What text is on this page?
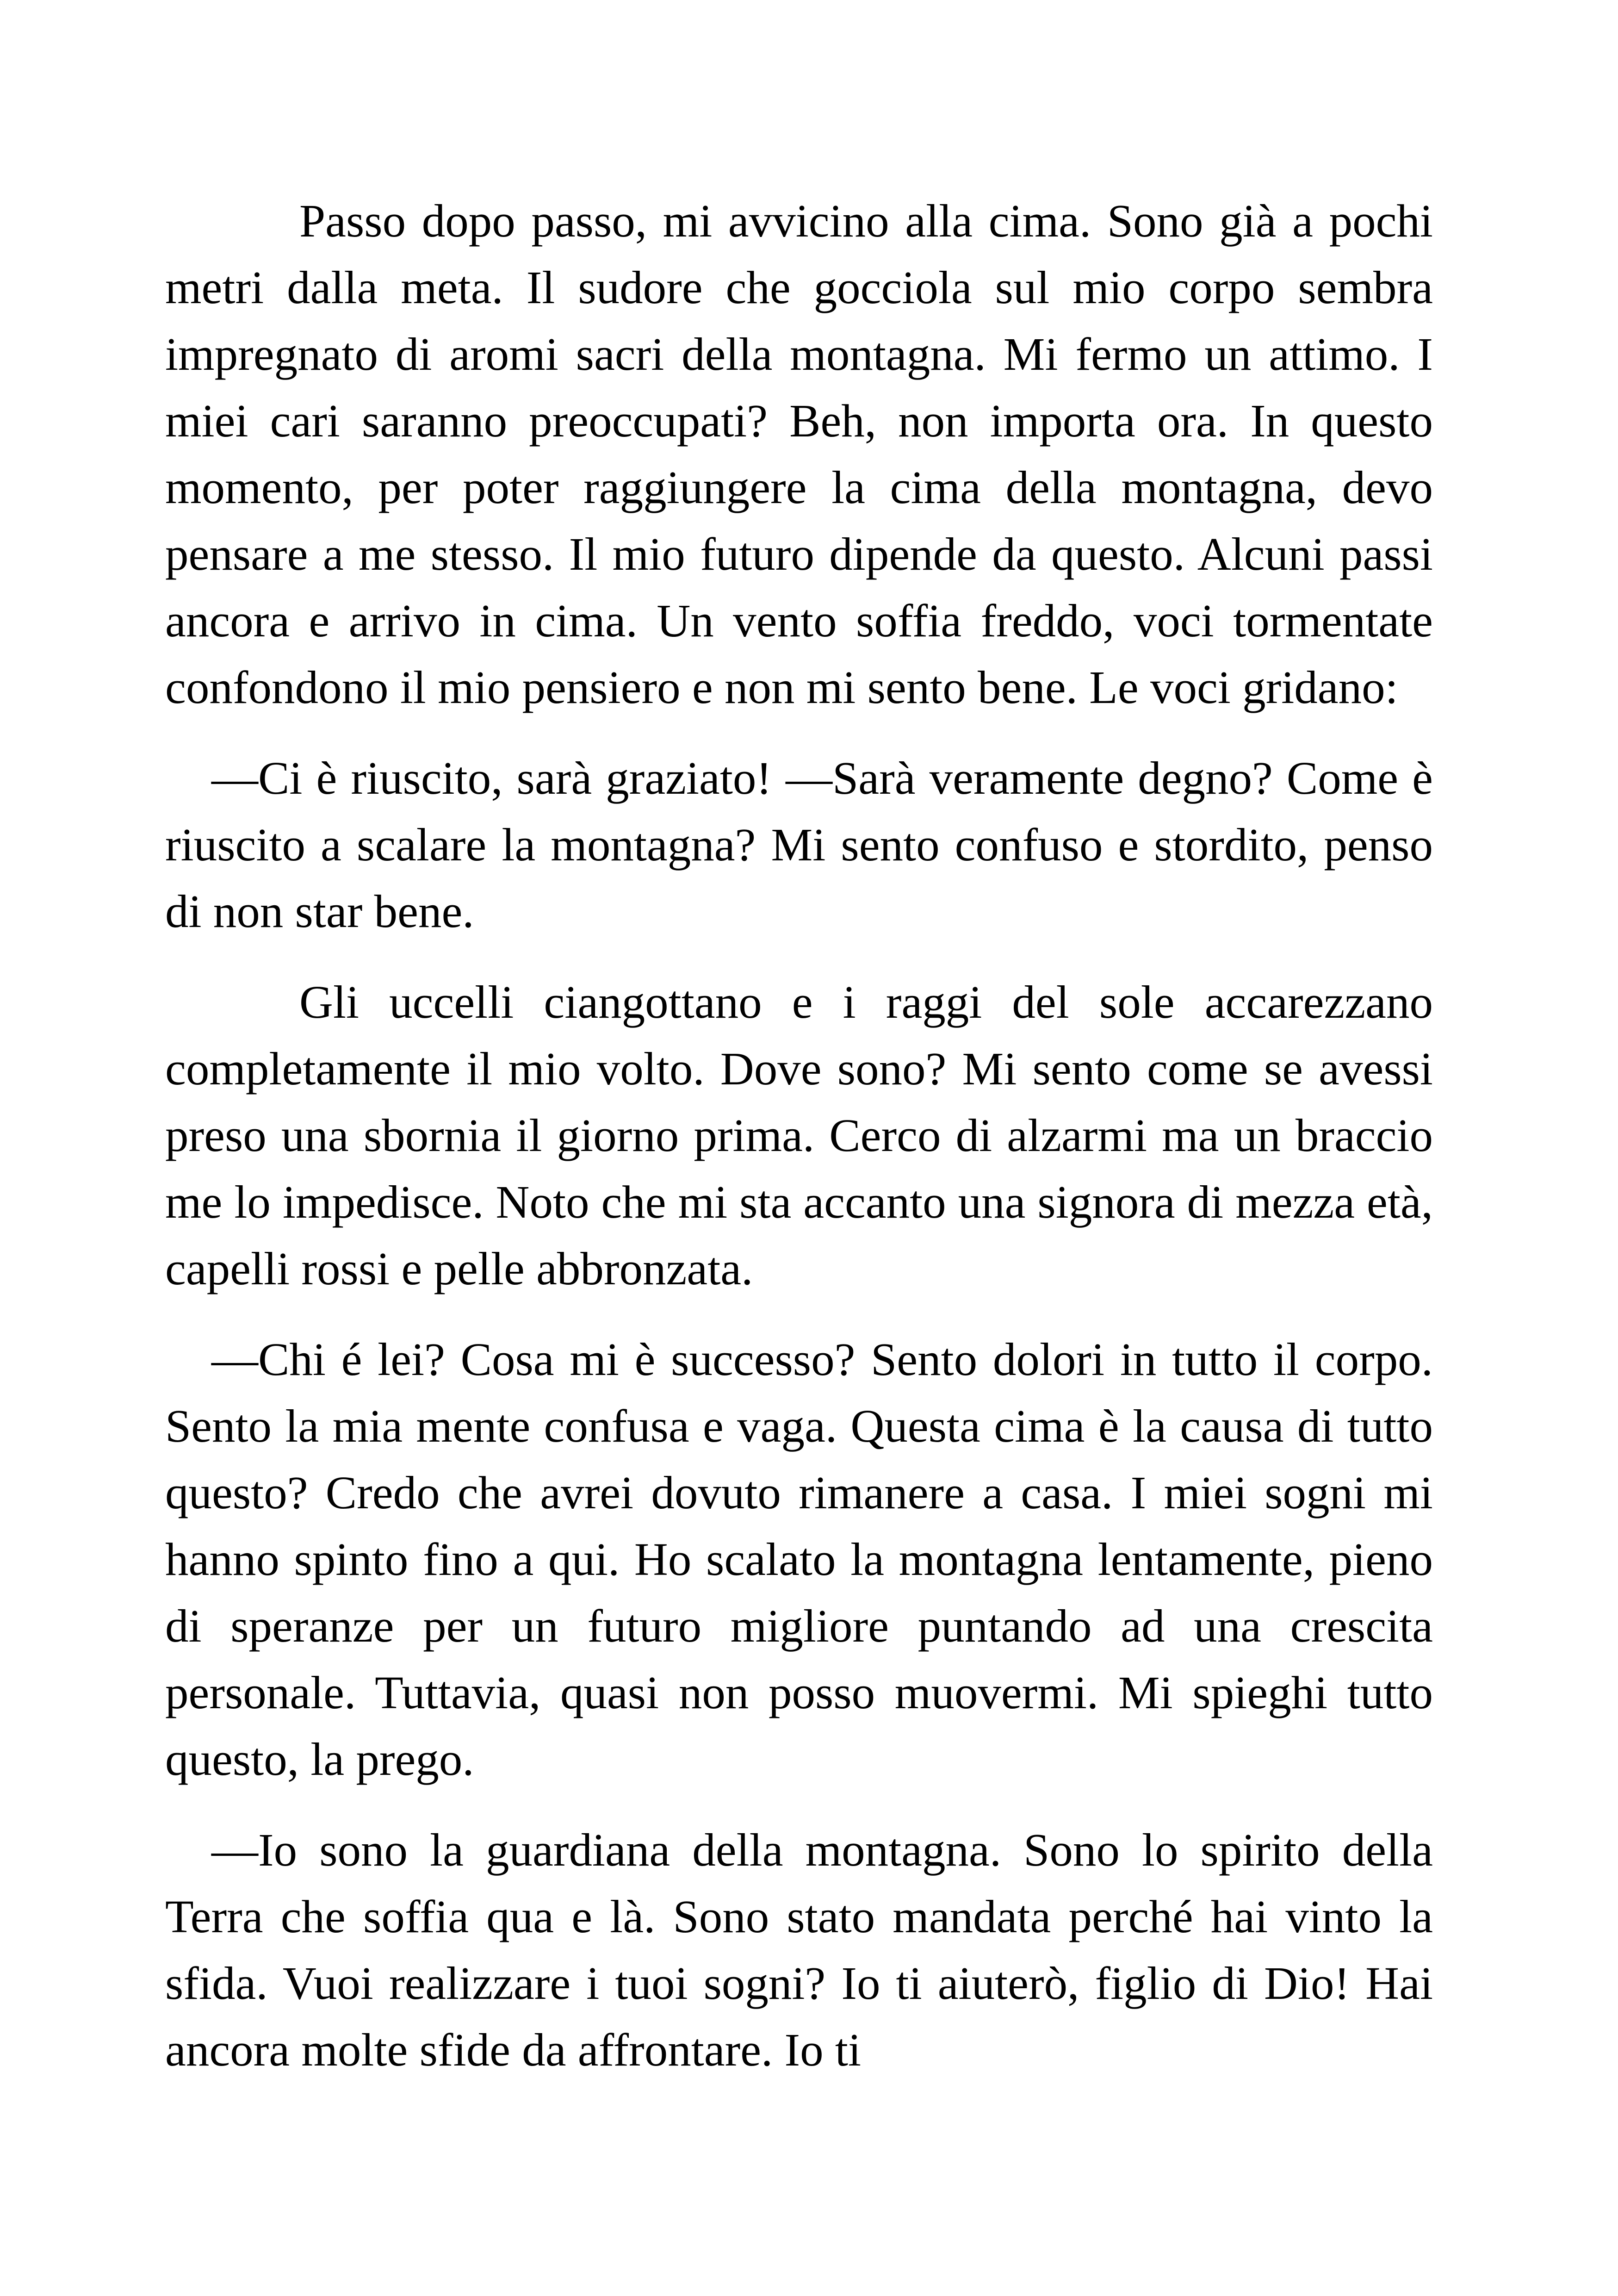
Passo dopo passo, mi avvicino alla cima. Sono già a pochi metri dalla meta. Il sudore che gocciola sul mio corpo sembra impregnato di aromi sacri della montagna. Mi fermo un attimo. I miei cari saranno preoccupati? Beh, non importa ora. In questo momento, per poter raggiungere la cima della montagna, devo pensare a me stesso. Il mio futuro dipende da questo. Alcuni passi ancora e arrivo in cima. Un vento soffia freddo, voci tormentate confondono il mio pensiero e non mi sento bene. Le voci gridano:

—Ci è riuscito, sarà graziato! —Sarà veramente degno? Come è riuscito a scalare la montagna? Mi sento confuso e stordito, penso di non star bene.

Gli uccelli ciangottano e i raggi del sole accarezzano completamente il mio volto. Dove sono? Mi sento come se avessi preso una sbornia il giorno prima. Cerco di alzarmi ma un braccio me lo impedisce. Noto che mi sta accanto una signora di mezza età, capelli rossi e pelle abbronzata.

—Chi é lei? Cosa mi è successo? Sento dolori in tutto il corpo. Sento la mia mente confusa e vaga. Questa cima è la causa di tutto questo? Credo che avrei dovuto rimanere a casa. I miei sogni mi hanno spinto fino a qui. Ho scalato la montagna lentamente, pieno di speranze per un futuro migliore puntando ad una crescita personale. Tuttavia, quasi non posso muovermi. Mi spieghi tutto questo, la prego.

—Io sono la guardiana della montagna. Sono lo spirito della Terra che soffia qua e là. Sono stato mandata perché hai vinto la sfida. Vuoi realizzare i tuoi sogni? Io ti aiuterò, figlio di Dio! Hai ancora molte sfide da affrontare. Io ti
